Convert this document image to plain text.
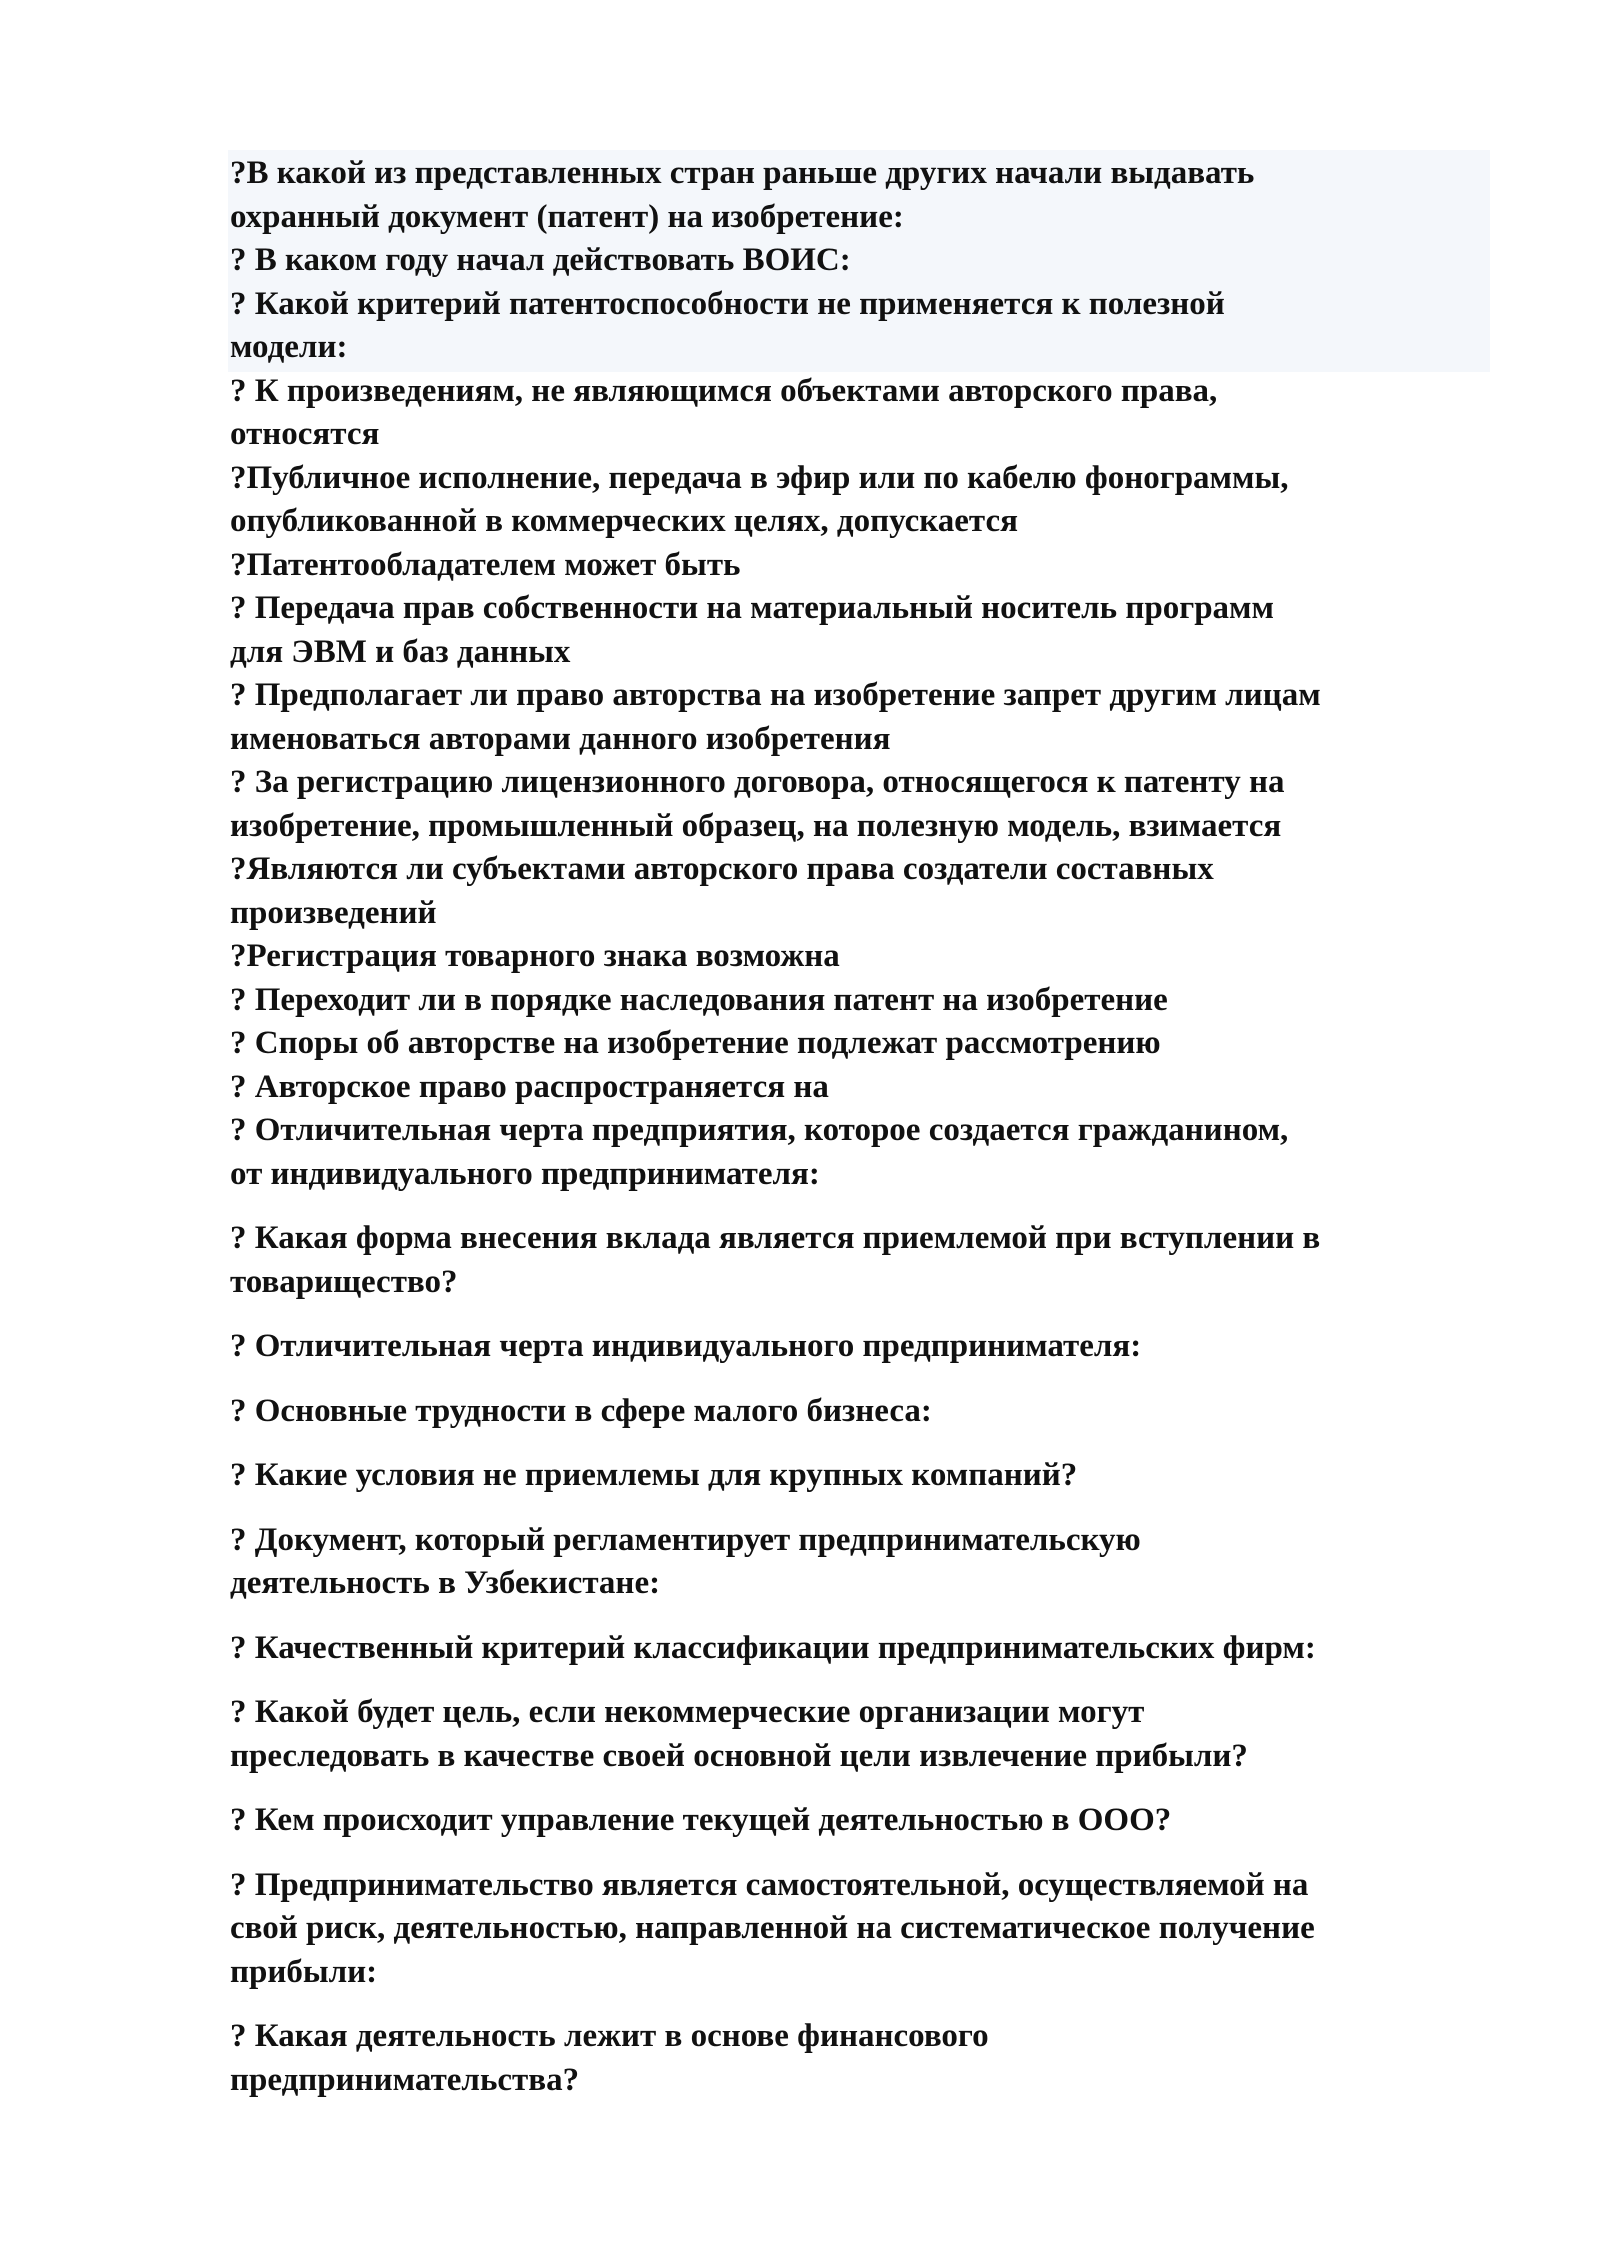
?В какой из представленных стран раньше других начали выдавать
охранный документ (патент) на изобретение:
? В каком году начал действовать ВОИС:
? Какой критерий патентоспособности не применяется к полезной
модели:
? К произведениям, не являющимся объектами авторского права,
относятся
?Публичное исполнение, передача в эфир или по кабелю фонограммы,
опубликованной в коммерческих целях, допускается
?Патентообладателем может быть
? Передача прав собственности на материальный носитель программ
для ЭВМ и баз данных
? Предполагает ли право авторства на изобретение запрет другим лицам
именоваться авторами данного изобретения
? За регистрацию лицензионного договора, относящегося к патенту на
изобретение, промышленный образец, на полезную модель, взимается
?Являются ли субъектами авторского права создатели составных
произведений
?Регистрация товарного знака возможна
? Переходит ли в порядке наследования патент на изобретение
? Споры об авторстве на изобретение подлежат рассмотрению
? Авторское право распространяется на
? Отличительная черта предприятия, которое создается гражданином,
от индивидуального предпринимателя:
? Какая форма внесения вклада является приемлемой при вступлении в
товарищество?
? Отличительная черта индивидуального предпринимателя:
? Основные трудности в сфере малого бизнеса:
? Какие условия не приемлемы для крупных компаний?
? Документ, который регламентирует предпринимательскую
деятельность в Узбекистане:
? Качественный критерий классификации предпринимательских фирм:
? Какой будет цель, если некоммерческие организации могут
преследовать в качестве своей основной цели извлечение прибыли?
? Кем происходит управление текущей деятельностью в ООО?
? Предпринимательство является самостоятельной, осуществляемой на
свой риск, деятельностью, направленной на систематическое получение
прибыли:
? Какая деятельность лежит в основе финансового
предпринимательства?
